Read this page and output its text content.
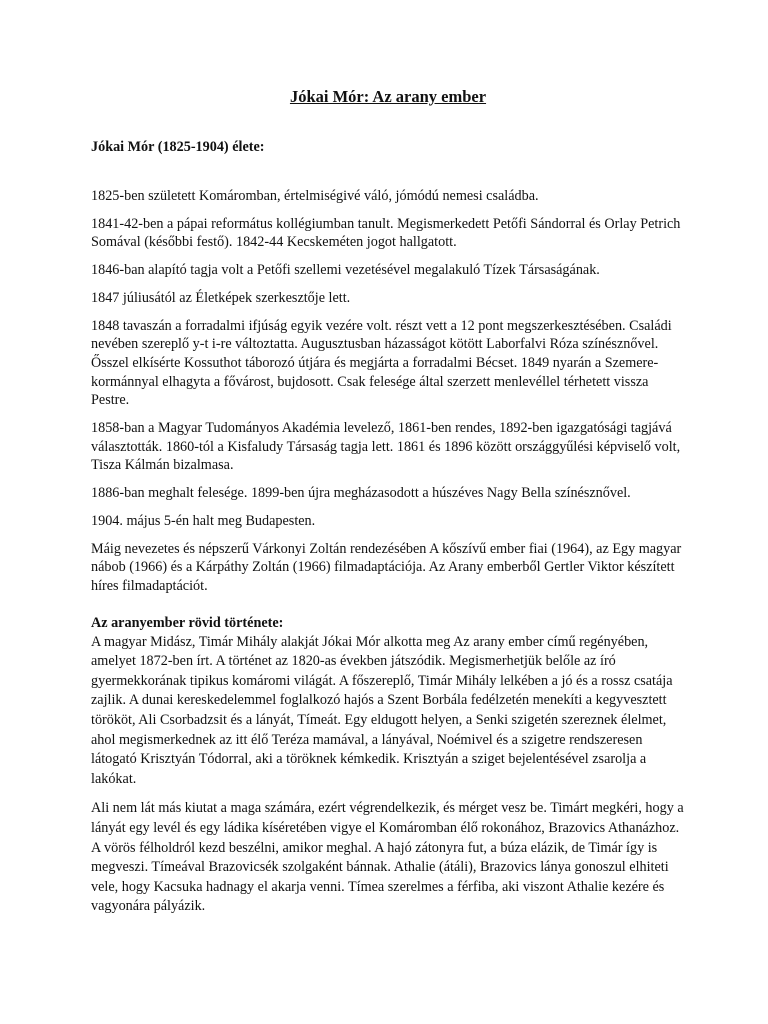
Jókai Mór: Az arany ember
Jókai Mór (1825-1904) élete:

1825-ben született Komáromban, értelmiségivé váló, jómódú nemesi családba.

1841-42-ben a pápai református kollégiumban tanult. Megismerkedett Petőfi Sándorral és Orlay Petrich Somával (későbbi festő). 1842-44 Kecskeméten jogot hallgatott.

1846-ban alapító tagja volt a Petőfi szellemi vezetésével megalakuló Tízek Társaságának.

1847 júliusától az Életképek szerkesztője lett.

1848 tavaszán a forradalmi ifjúság egyik vezére volt. részt vett a 12 pont megszerkesztésében. Családi nevében szereplő y-t i-re változtatta. Augusztusban házasságot kötött Laborfalvi Róza színésznővel. Ősszel elkísérte Kossuthot táborozó útjára és megjárta a forradalmi Bécset. 1849 nyarán a Szemere- kormánnyal elhagyta a fővárost, bujdosott. Csak felesége által szerzett menlevéllel térhetett vissza Pestre.

1858-ban a Magyar Tudományos Akadémia levelező, 1861-ben rendes, 1892-ben igazgatósági tagjává választották. 1860-tól a Kisfaludy Társaság tagja lett. 1861 és 1896 között országgyűlési képviselő volt, Tisza Kálmán bizalmasa.

1886-ban meghalt felesége. 1899-ben újra megházasodott a húszéves Nagy Bella színésznővel.

1904. május 5-én halt meg Budapesten.

Máig nevezetes és népszerű Várkonyi Zoltán rendezésében A kőszívű ember fiai (1964), az Egy magyar nábob (1966) és a Kárpáthy Zoltán (1966) filmadaptációja. Az Arany emberből Gertler Viktor készített híres filmadaptációt.

Az aranyember rövid története:

A magyar Midász, Timár Mihály alakját Jókai Mór alkotta meg Az arany ember című regényében, amelyet 1872-ben írt. A történet az 1820-as években játszódik. Megismerhetjük belőle az író gyermekkorának tipikus komáromi világát. A főszereplő, Timár Mihály lelkében a jó és a rossz csatája zajlik. A dunai kereskedelemmel foglalkozó hajós a Szent Borbála fedélzetén menekíti a kegyvesztett törököt, Ali Csorbadzsit és a lányát, Tímeát. Egy eldugott helyen, a Senki szigetén szereznek élelmet, ahol megismerkednek az itt élő Teréza mamával, a lányával, Noémivel és a szigetre rendszeresen látogató Krisztyán Tódorral, aki a töröknek kémkedik. Krisztyán a sziget bejelentésével zsarolja a lakókat.

Ali nem lát más kiutat a maga számára, ezért végrendelkezik, és mérget vesz be. Timárt megkéri, hogy a lányát egy levél és egy ládika kíséretében vigye el Komáromban élő rokonához, Brazovics Athanázhoz. A vörös félholdról kezd beszélni, amikor meghal. A hajó zátonyra fut, a búza elázik, de Timár így is megveszi. Tímeával Brazovicsék szolgaként bánnak. Athalie (átáli), Brazovics lánya gonoszul elhiteti vele, hogy Kacsuka hadnagy el akarja venni. Tímea szerelmes a férfiba, aki viszont Athalie kezére és vagyonára pályázik.
